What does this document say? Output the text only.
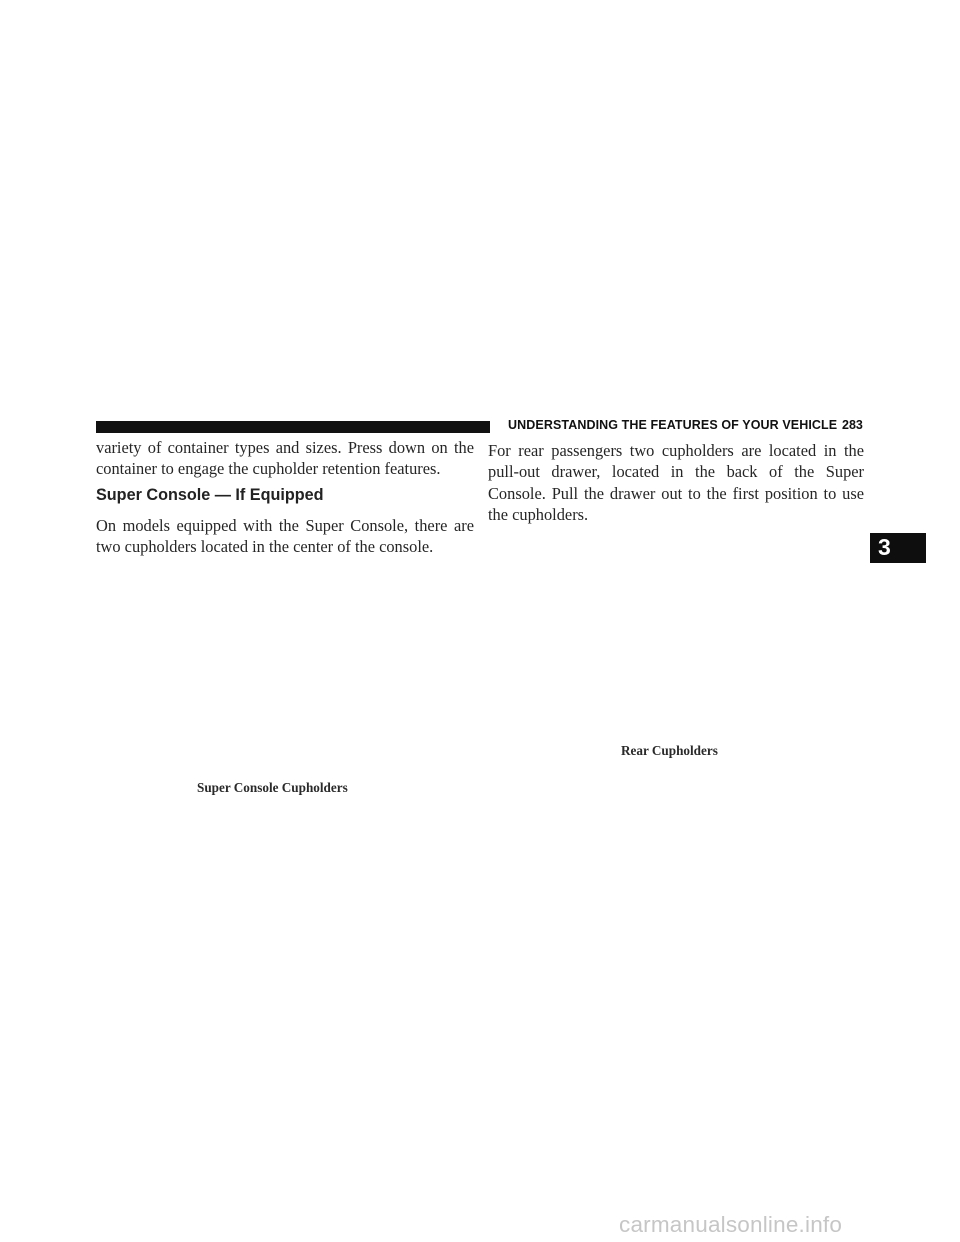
UNDERSTANDING THE FEATURES OF YOUR VEHICLE 283
variety of container types and sizes. Press down on the container to engage the cupholder retention features.
Super Console — If Equipped
On models equipped with the Super Console, there are two cupholders located in the center of the console.
For rear passengers two cupholders are located in the pull-out drawer, located in the back of the Super Console. Pull the drawer out to the first position to use the cupholders.
Rear Cupholders
Super Console Cupholders
3
carmanualsonline.info
